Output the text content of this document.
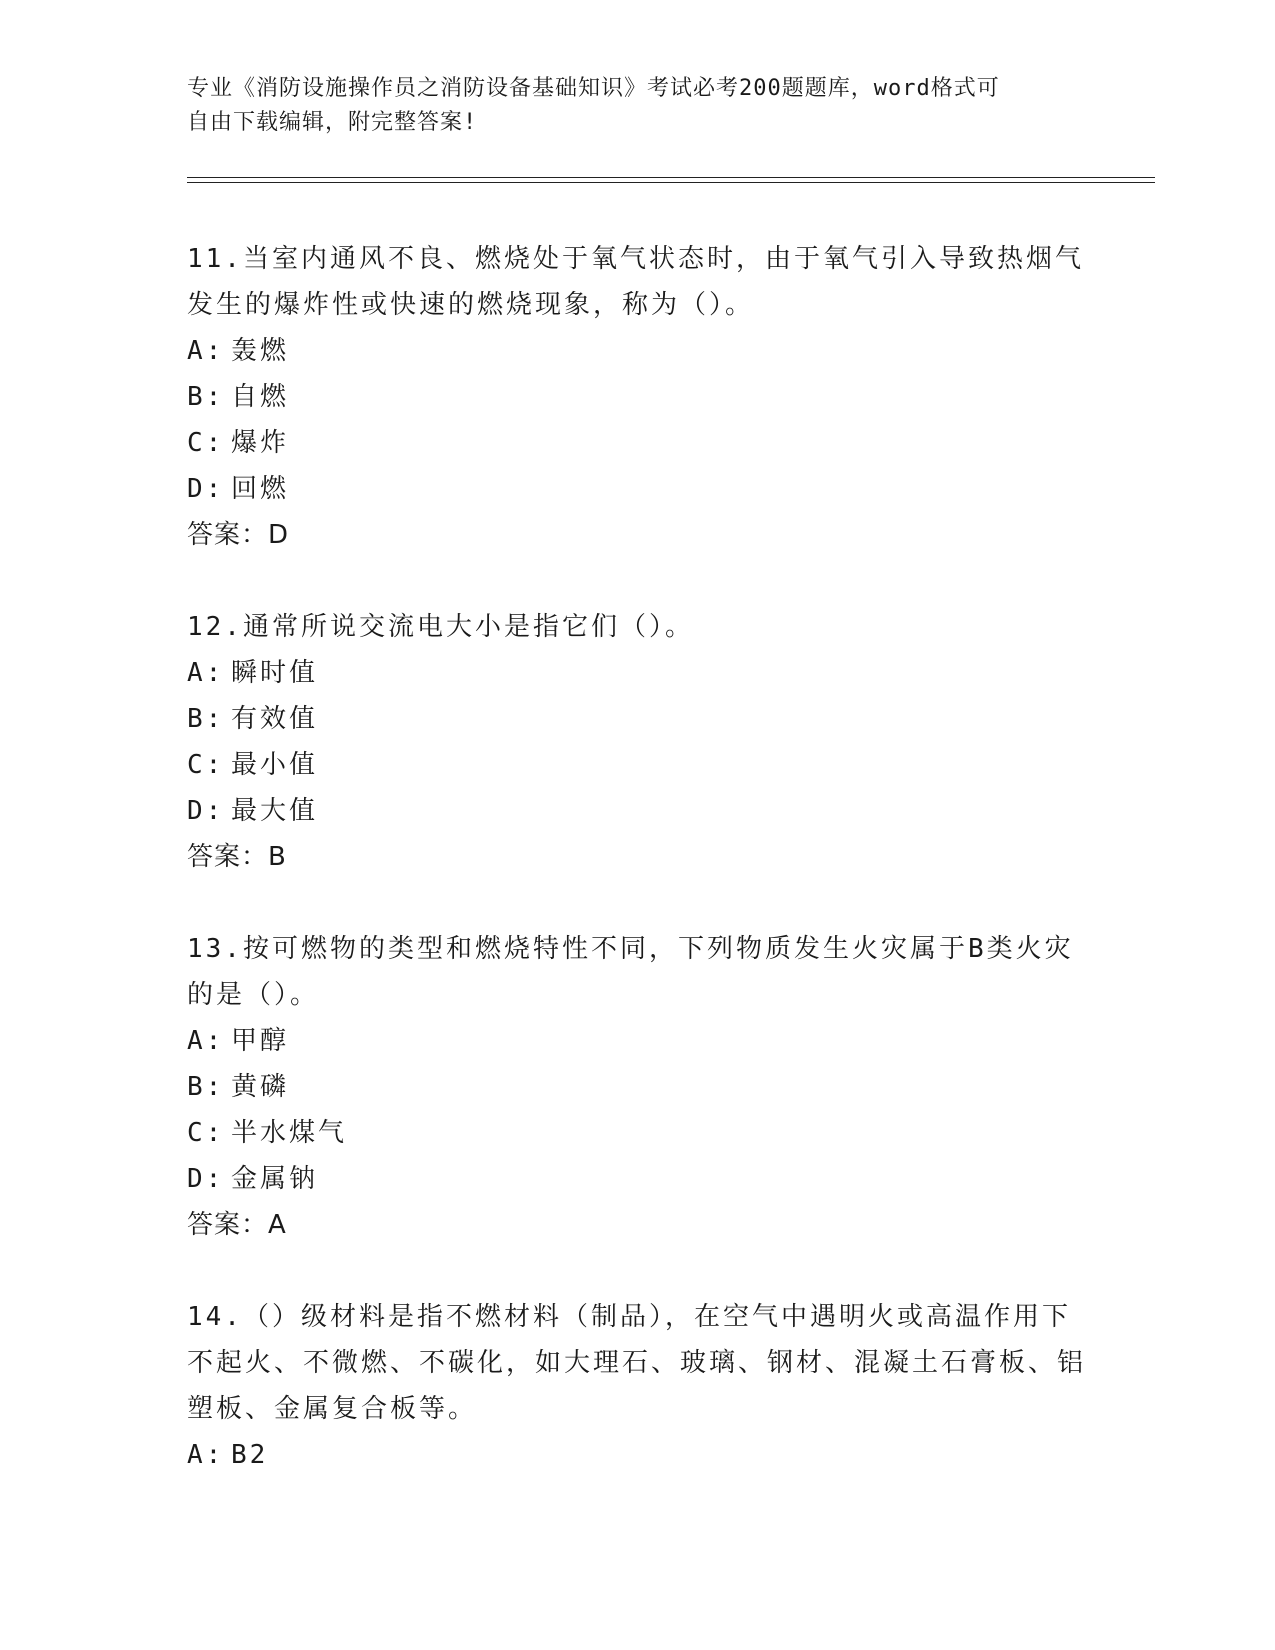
专业《消防设施操作员之消防设备基础知识》考试必考200题题库，word格式可
自由下载编辑，附完整答案!
11.当室内通风不良、燃烧处于氧气状态时，由于氧气引入导致热烟气发生的爆炸性或快速的燃烧现象，称为（）。
A: 轰燃
B: 自燃
C: 爆炸
D: 回燃
答案：D
12.通常所说交流电大小是指它们（）。
A: 瞬时值
B: 有效值
C: 最小值
D: 最大值
答案：B
13.按可燃物的类型和燃烧特性不同，下列物质发生火灾属于B类火灾的是（）。
A: 甲醇
B: 黄磷
C: 半水煤气
D: 金属钠
答案：A
14.（）级材料是指不燃材料（制品），在空气中遇明火或高温作用下不起火、不微燃、不碳化，如大理石、玻璃、钢材、混凝土石膏板、铝塑板、金属复合板等。
A: B2
